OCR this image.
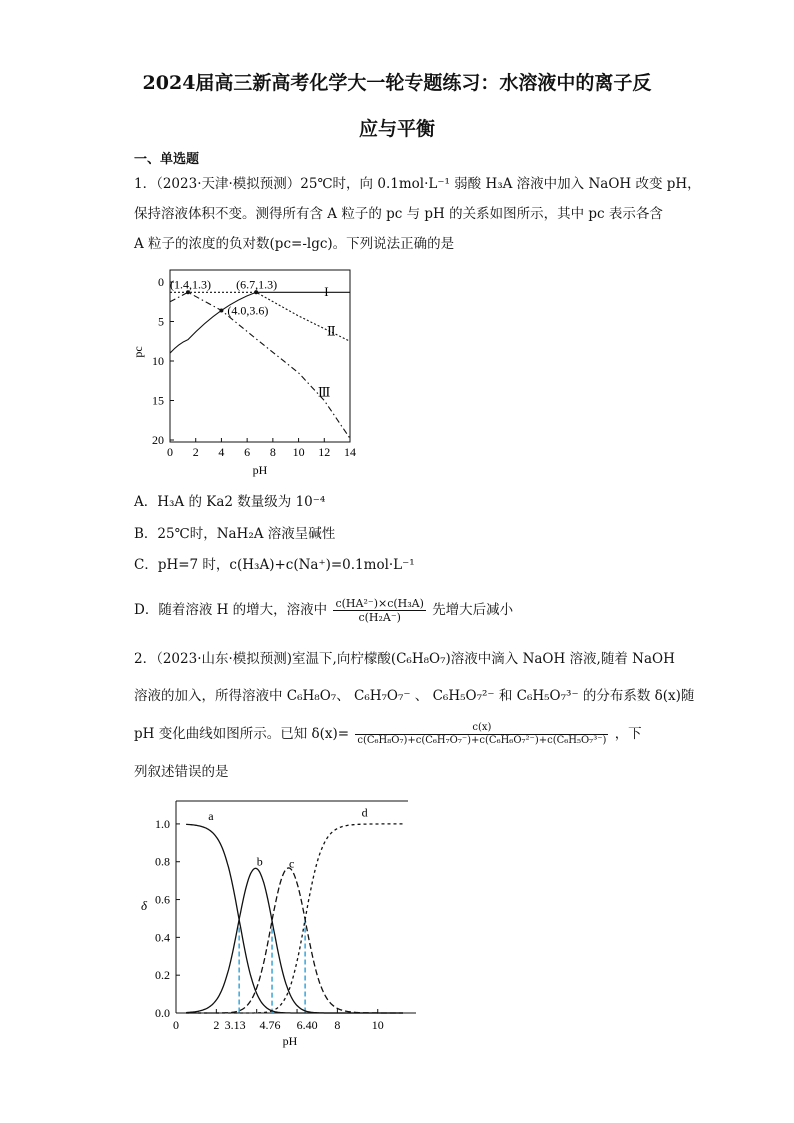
2024届高三新高考化学大一轮专题练习：水溶液中的离子反
应与平衡
一、单选题
1．（2023·天津·模拟预测）25℃时，向 0.1mol·L⁻¹ 弱酸 H₃A 溶液中加入 NaOH 改变 pH，
保持溶液体积不变。测得所有含 A 粒子的 pc 与 pH 的关系如图所示，其中 pc 表示各含
A 粒子的浓度的负对数(pc=-lgc)。下列说法正确的是
0 2 4 6 8 10 12 14
0
5
10
15
20
I
Ⅱ
Ⅲ
(1.4,1.3) (6.7,1.3)
(4.0,3.6)
pH
pc
A．H₃A 的 Ka2 数量级为 10⁻⁴
B．25℃时，NaH₂A 溶液呈碱性
C．pH=7 时，c(H₃A)+c(Na⁺)=0.1mol·L⁻¹
D．随着溶液 H 的增大，溶液中 $\frac{\text{c(HA²⁻)×c(H₃A)}}{\text{c(H₂A⁻)}}$ 先增大后减小
2．（2023·山东·模拟预测)室温下,向柠檬酸(C₆H₈O₇)溶液中滴入 NaOH 溶液,随着 NaOH
溶液的加入，所得溶液中 C₆H₈O₇、 C₆H₇O₇⁻ 、 C₆H₅O₇²⁻ 和 C₆H₅O₇³⁻ 的分布系数 δ(x)随
pH 变化曲线如图所示。已知 $\delta(x)= \frac{c(x)}{\text{c(C₆H₈O₇)+c(C₆H₇O₇⁻)+c(C₆H₆O₇²⁻)+c(C₆H₅O₇³⁻)}}$ ，下
列叙述错误的是
0.0
0.2
0.4
0.6
0.8
1.0
0	2	8	10
3.13 4.76 6.40
a
b c
d
pH
δ
